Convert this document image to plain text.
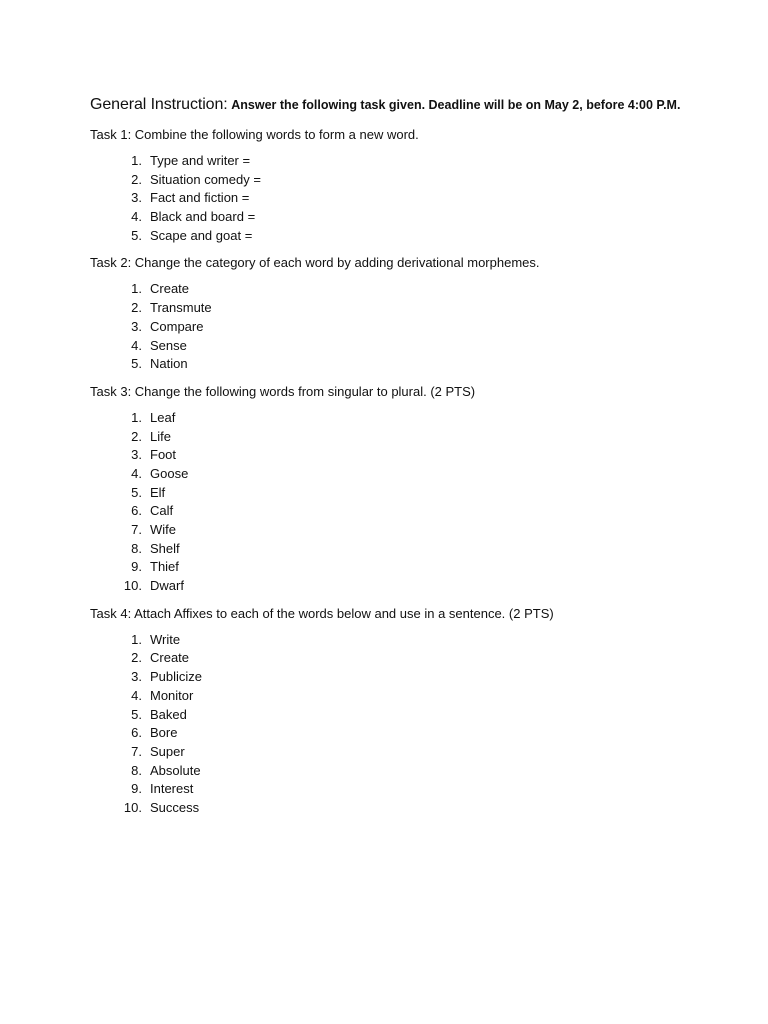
General Instruction: Answer the following task given. Deadline will be on May 2, before 4:00 P.M.

Task 1: Combine the following words to form a new word.

1. Type and writer =
2. Situation comedy =
3. Fact and fiction =
4. Black and board =
5. Scape and goat =

Task 2: Change the category of each word by adding derivational morphemes.

1. Create
2. Transmute
3. Compare
4. Sense
5. Nation

Task 3: Change the following words from singular to plural. (2 PTS)

1. Leaf
2. Life
3. Foot
4. Goose
5. Elf
6. Calf
7. Wife
8. Shelf
9. Thief
10. Dwarf

Task 4: Attach Affixes to each of the words below and use in a sentence. (2 PTS)

1. Write
2. Create
3. Publicize
4. Monitor
5. Baked
6. Bore
7. Super
8. Absolute
9. Interest
10. Success
